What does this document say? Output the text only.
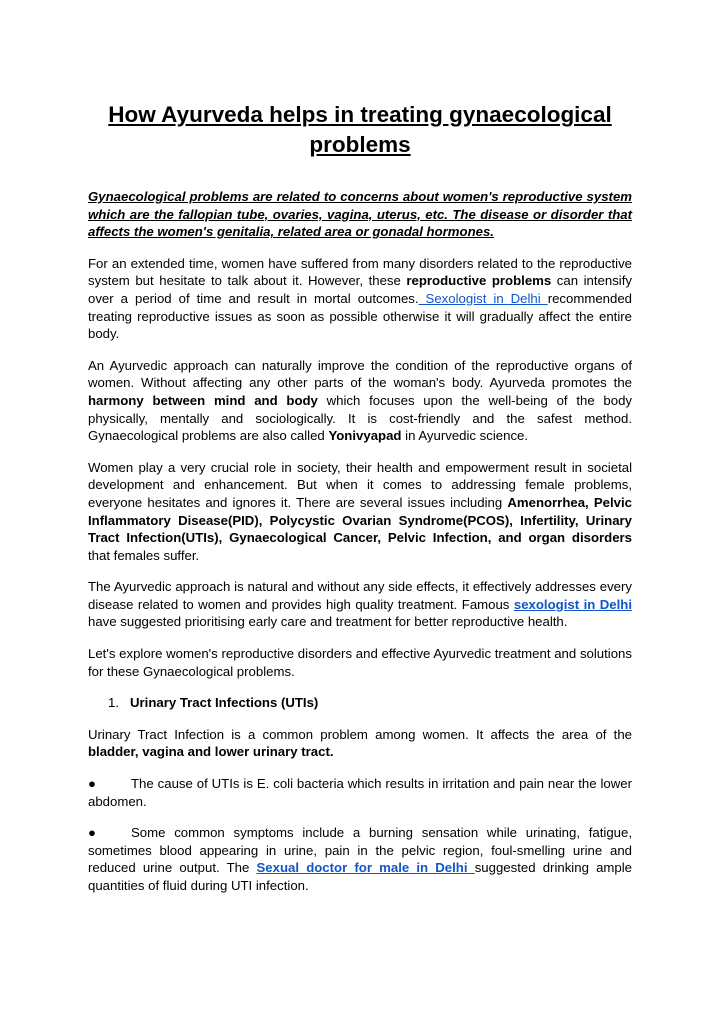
How Ayurveda helps in treating gynaecological problems

Gynaecological problems are related to concerns about women's reproductive system which are the fallopian tube, ovaries, vagina, uterus, etc. The disease or disorder that affects the women's genitalia, related area or gonadal hormones.

For an extended time, women have suffered from many disorders related to the reproductive system but hesitate to talk about it. However, these reproductive problems can intensify over a period of time and result in mortal outcomes. Sexologist in Delhi recommended treating reproductive issues as soon as possible otherwise it will gradually affect the entire body.

An Ayurvedic approach can naturally improve the condition of the reproductive organs of women. Without affecting any other parts of the woman's body. Ayurveda promotes the harmony between mind and body which focuses upon the well-being of the body physically, mentally and sociologically. It is cost-friendly and the safest method. Gynaecological problems are also called Yonivyapad in Ayurvedic science.

Women play a very crucial role in society, their health and empowerment result in societal development and enhancement. But when it comes to addressing female problems, everyone hesitates and ignores it. There are several issues including Amenorrhea, Pelvic Inflammatory Disease(PID), Polycystic Ovarian Syndrome(PCOS), Infertility, Urinary Tract Infection(UTIs), Gynaecological Cancer, Pelvic Infection, and organ disorders that females suffer.

The Ayurvedic approach is natural and without any side effects, it effectively addresses every disease related to women and provides high quality treatment. Famous sexologist in Delhi have suggested prioritising early care and treatment for better reproductive health.

Let's explore women's reproductive disorders and effective Ayurvedic treatment and solutions for these Gynaecological problems.

1. Urinary Tract Infections (UTIs)

Urinary Tract Infection is a common problem among women. It affects the area of the bladder, vagina and lower urinary tract.

●	The cause of UTIs is E. coli bacteria which results in irritation and pain near the lower abdomen.

●	Some common symptoms include a burning sensation while urinating, fatigue, sometimes blood appearing in urine, pain in the pelvic region, foul-smelling urine and reduced urine output. The Sexual doctor for male in Delhi suggested drinking ample quantities of fluid during UTI infection.
